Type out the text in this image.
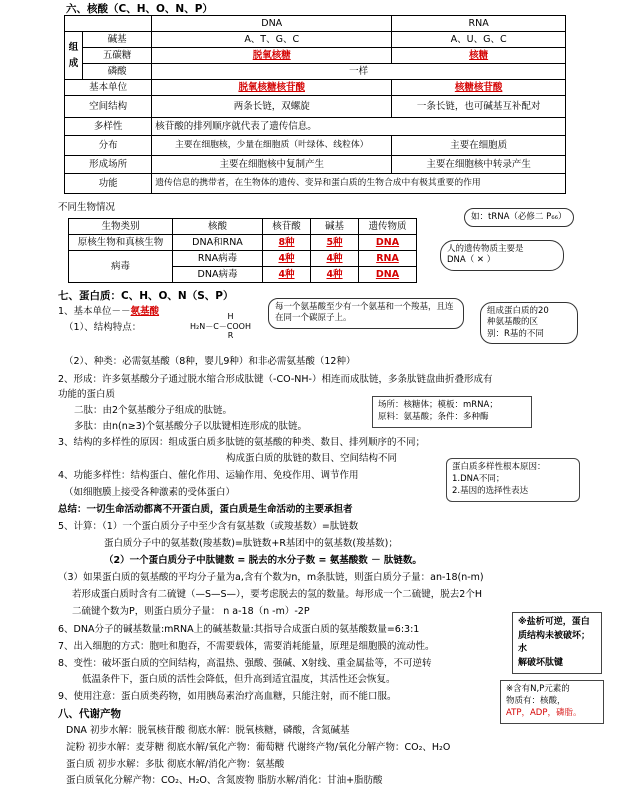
六、核酸（C、H、O、N、P）
		DNA	RNA
组成	碱基	A、T、G、C	A、U、G、C
	五碳糖	脱氧核糖	核糖
	磷酸	一样	
基本单位		脱氧核糖核苷酸	核糖核苷酸
空间结构		两条长链，双螺旋	一条长链，也可碱基互补配对
多样性		核苷酸的排列顺序就代表了遗传信息。	
分布		主要在细胞核，少量在细胞质（叶绿体、线粒体）	主要在细胞质
形成场所		主要在细胞核中复制产生	主要在细胞核中转录产生
功能		遗传信息的携带者，在生物体的遗传、变异和蛋白质的生物合成中有极其重要的作用	
不同生物情况
生物类别	核酸	核苷酸	碱基	遗传物质
原核生物和真核生物	DNA和RNA	8种	5种	DNA
病毒	RNA病毒	4种	4种	RNA
	DNA病毒	4种	4种	DNA
如：tRNA（必修二 P₆₆）
人的遗传物质主要是
DNA（ ✕ ）
七、蛋白质：C、H、O、N（S、P）
1、基本单位－－氨基酸
（1）、结构特点：
H
H₂N－C－COOH
R
每一个氨基酸至少有一个氨基和一个羧基，且连在同一个碳原子上。
组成蛋白质的20
种氨基酸的区
别：R基的不同
（2）、种类：必需氨基酸（8种，婴儿9种）和非必需氨基酸（12种）
2、形成：许多氨基酸分子通过脱水缩合形成肽键（-CO-NH-）相连而成肽链，多条肽链盘曲折叠形成有
功能的蛋白质
二肽：由2个氨基酸分子组成的肽链。
多肽：由n(n≥3)个氨基酸分子以肽键相连形成的肽链。
场所：核糖体；模板：mRNA；
原料：氨基酸；条件：多种酶
3、结构的多样性的原因：组成蛋白质多肽链的氨基酸的种类、数目、排列顺序的不同；
构成蛋白质的肽链的数目、空间结构不同
4、功能多样性：结构蛋白、催化作用、运输作用、免疫作用、调节作用
（如细胞膜上接受各种激素的受体蛋白）
蛋白质多样性根本原因：
1.DNA不同；
2.基因的选择性表达
总结：一切生命活动都离不开蛋白质，蛋白质是生命活动的主要承担者
5、计算：（1）一个蛋白质分子中至少含有氨基数（或羧基数）=肽链数
蛋白质分子中的氨基数(羧基数)=肽链数+R基团中的氨基数(羧基数)；
（2）一个蛋白质分子中肽键数 = 脱去的水分子数 = 氨基酸数 － 肽链数。
（3）如果蛋白质的氨基酸的平均分子量为a,含有个数为n，m条肽链，则蛋白质分子量：an-18(n-m)
若形成蛋白质时含有二硫键（—S—S—），要考虑脱去的氢的数量。每形成一个二硫键，脱去2个H
二硫键个数为P，则蛋白质分子量： n a-18（n -m）-2P
6、DNA分子的碱基数量:mRNA上的碱基数量:其指导合成蛋白质的氨基酸数量=6:3:1
7、出入细胞的方式：胞吐和胞吞，不需要载体，需要消耗能量，原理是细胞膜的流动性。
8、变性：破坏蛋白质的空间结构，高温热、强酸、强碱、X射线、重金属盐等，不可逆转
低温条件下，蛋白质的活性会降低，但升高到适宜温度，其活性还会恢复。
9、使用注意：蛋白质类药物，如用胰岛素治疗高血糖，只能注射，而不能口服。
※盐析可逆，蛋白
质结构未被破坏；水
解破坏肽键
※含有N,P元素的
物质有：核酸，
ATP，ADP，磷脂。
八、代谢产物
DNA 初步水解：脱氧核苷酸 彻底水解：脱氧核糖，磷酸，含氮碱基
淀粉 初步水解：麦芽糖 彻底水解/氧化产物：葡萄糖 代谢终产物/氧化分解产物：CO₂、H₂O
蛋白质 初步水解：多肽 彻底水解/消化产物：氨基酸
蛋白质氧化分解产物：CO₂、H₂O、含氮废物 脂肪水解/消化：甘油+脂肪酸
